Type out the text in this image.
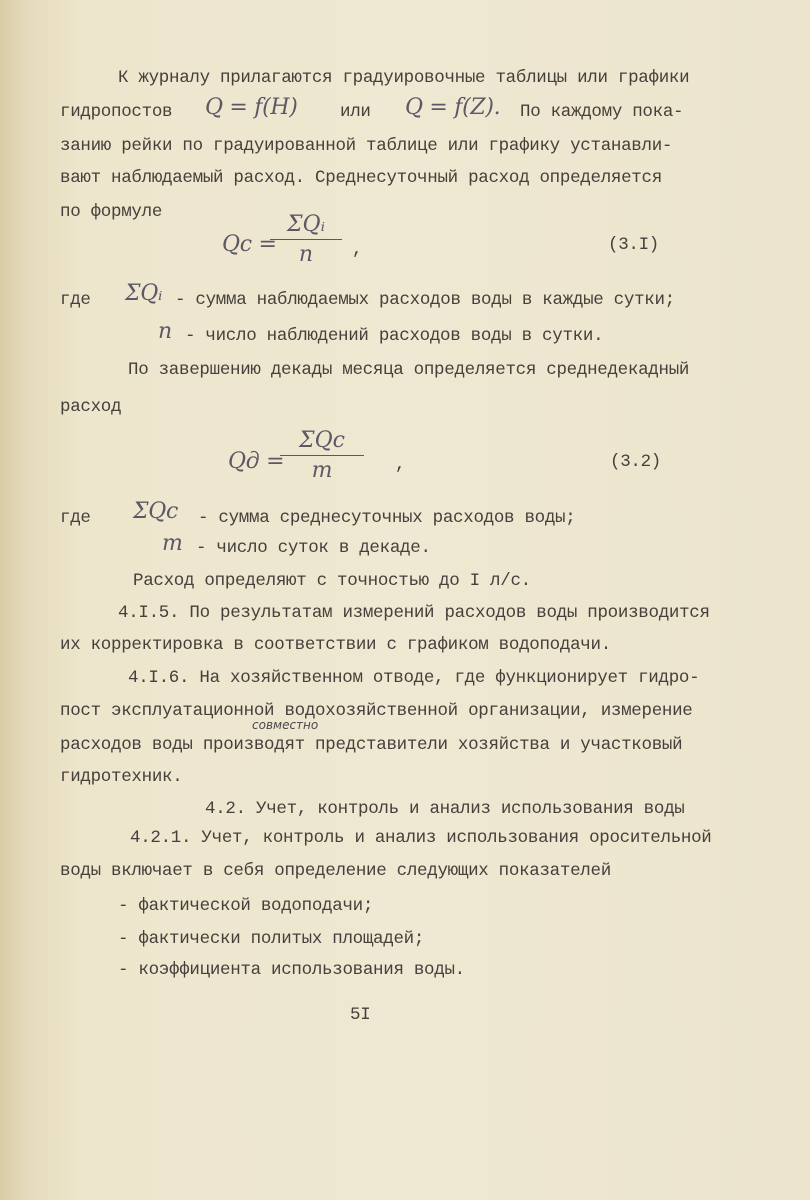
К журналу прилагаются градуировочные таблицы или графики
гидропостов Q = f(H) или Q = f(Z). По каждому пока-
занию рейки по градуированной таблице или графику устанавли-
вают наблюдаемый расход. Среднесуточный расход определяется
по формуле
Qc =
ΣQᵢ
n	,	(3.I)
где ΣQᵢ - сумма наблюдаемых расходов воды в каждые сутки;
n - число наблюдений расходов воды в сутки.
По завершению декады месяца определяется среднедекадный
расход
Qд =
ΣQc
m	,	(3.2)
где ΣQc - сумма среднесуточных расходов воды;
m - число суток в декаде.
Расход определяют с точностью до I л/с.
4.I.5. По результатам измерений расходов воды производится
их корректировка в соответствии с графиком водоподачи.
4.I.6. На хозяйственном отводе, где функционирует гидро-
пост эксплуатационной водохозяйственной организации, измерение
совместно
расходов воды производят представители хозяйства и участковый
гидротехник.
4.2. Учет, контроль и анализ использования воды
4.2.1. Учет, контроль и анализ использования оросительной
воды включает в себя определение следующих показателей
- фактической водоподачи;
- фактически политых площадей;
- коэффициента использования воды.
5I
